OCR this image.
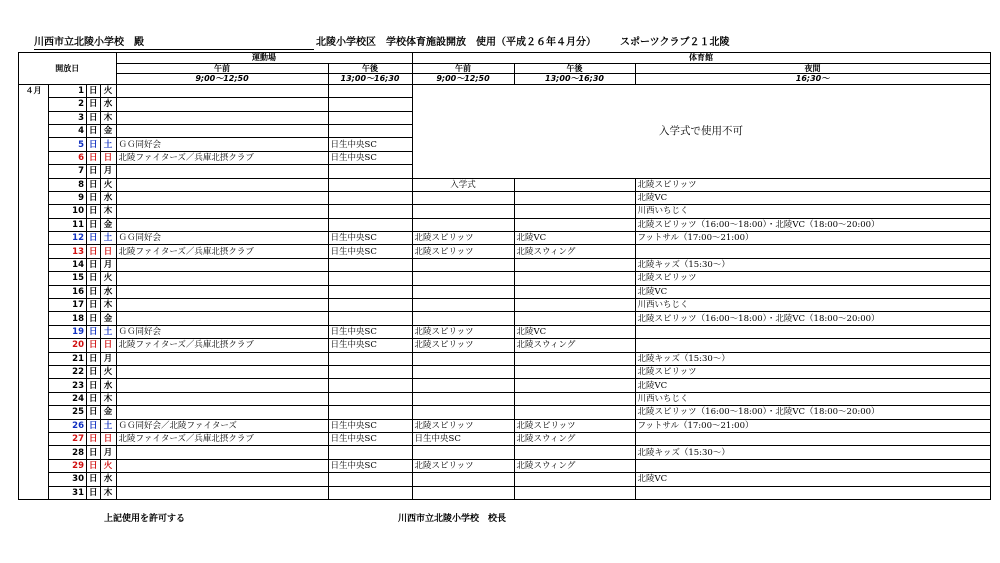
川西市立北陵小学校　殿	北陵小学校区　学校体育施設開放　使用（平成２６年４月分） スポーツクラブ２１北陵
開放日				運動場		体育館		
				午前	午後	午前	午後	夜間
				9;00～12;50	13;00～16;30	9;00～12;50	13;00～16;30	16;30～
４月	1	日	火			入学式で使用不可		
	2	日	水					
	3	日	木					
	4	日	金					
	5	日	土	ＧＧ同好会	日生中央SC			
	6	日	日	北陵ファイターズ／兵庫北摂クラブ	日生中央SC			
	7	日	月					
	8	日	火			入学式		北陵スピリッツ
	9	日	水					北陵VC
	10	日	木					川西いちじく
	11	日	金					北陵スピリッツ（16:00～18:00）・北陵VC（18:00～20:00）
	12	日	土	ＧＧ同好会	日生中央SC	北陵スピリッツ	北陵VC	フットサル（17:00～21:00）
	13	日	日	北陵ファイターズ／兵庫北摂クラブ	日生中央SC	北陵スピリッツ	北陵スウィング	
	14	日	月					北陵キッズ（15:30～）
	15	日	火					北陵スピリッツ
	16	日	水					北陵VC
	17	日	木					川西いちじく
	18	日	金					北陵スピリッツ（16:00～18:00）・北陵VC（18:00～20:00）
	19	日	土	ＧＧ同好会	日生中央SC	北陵スピリッツ	北陵VC	
	20	日	日	北陵ファイターズ／兵庫北摂クラブ	日生中央SC	北陵スピリッツ	北陵スウィング	
	21	日	月					北陵キッズ（15:30～）
	22	日	火					北陵スピリッツ
	23	日	水					北陵VC
	24	日	木					川西いちじく
	25	日	金					北陵スピリッツ（16:00～18:00）・北陵VC（18:00～20:00）
	26	日	土	ＧＧ同好会／北陵ファイターズ	日生中央SC	北陵スピリッツ	北陵スピリッツ	フットサル（17:00～21:00）
	27	日	日	北陵ファイターズ／兵庫北摂クラブ	日生中央SC	日生中央SC	北陵スウィング	
	28	日	月					北陵キッズ（15:30～）
	29	日	火		日生中央SC	北陵スピリッツ	北陵スウィング	
	30	日	水					北陵VC
	31	日	木					
上記使用を許可する	川西市立北陵小学校　校長
